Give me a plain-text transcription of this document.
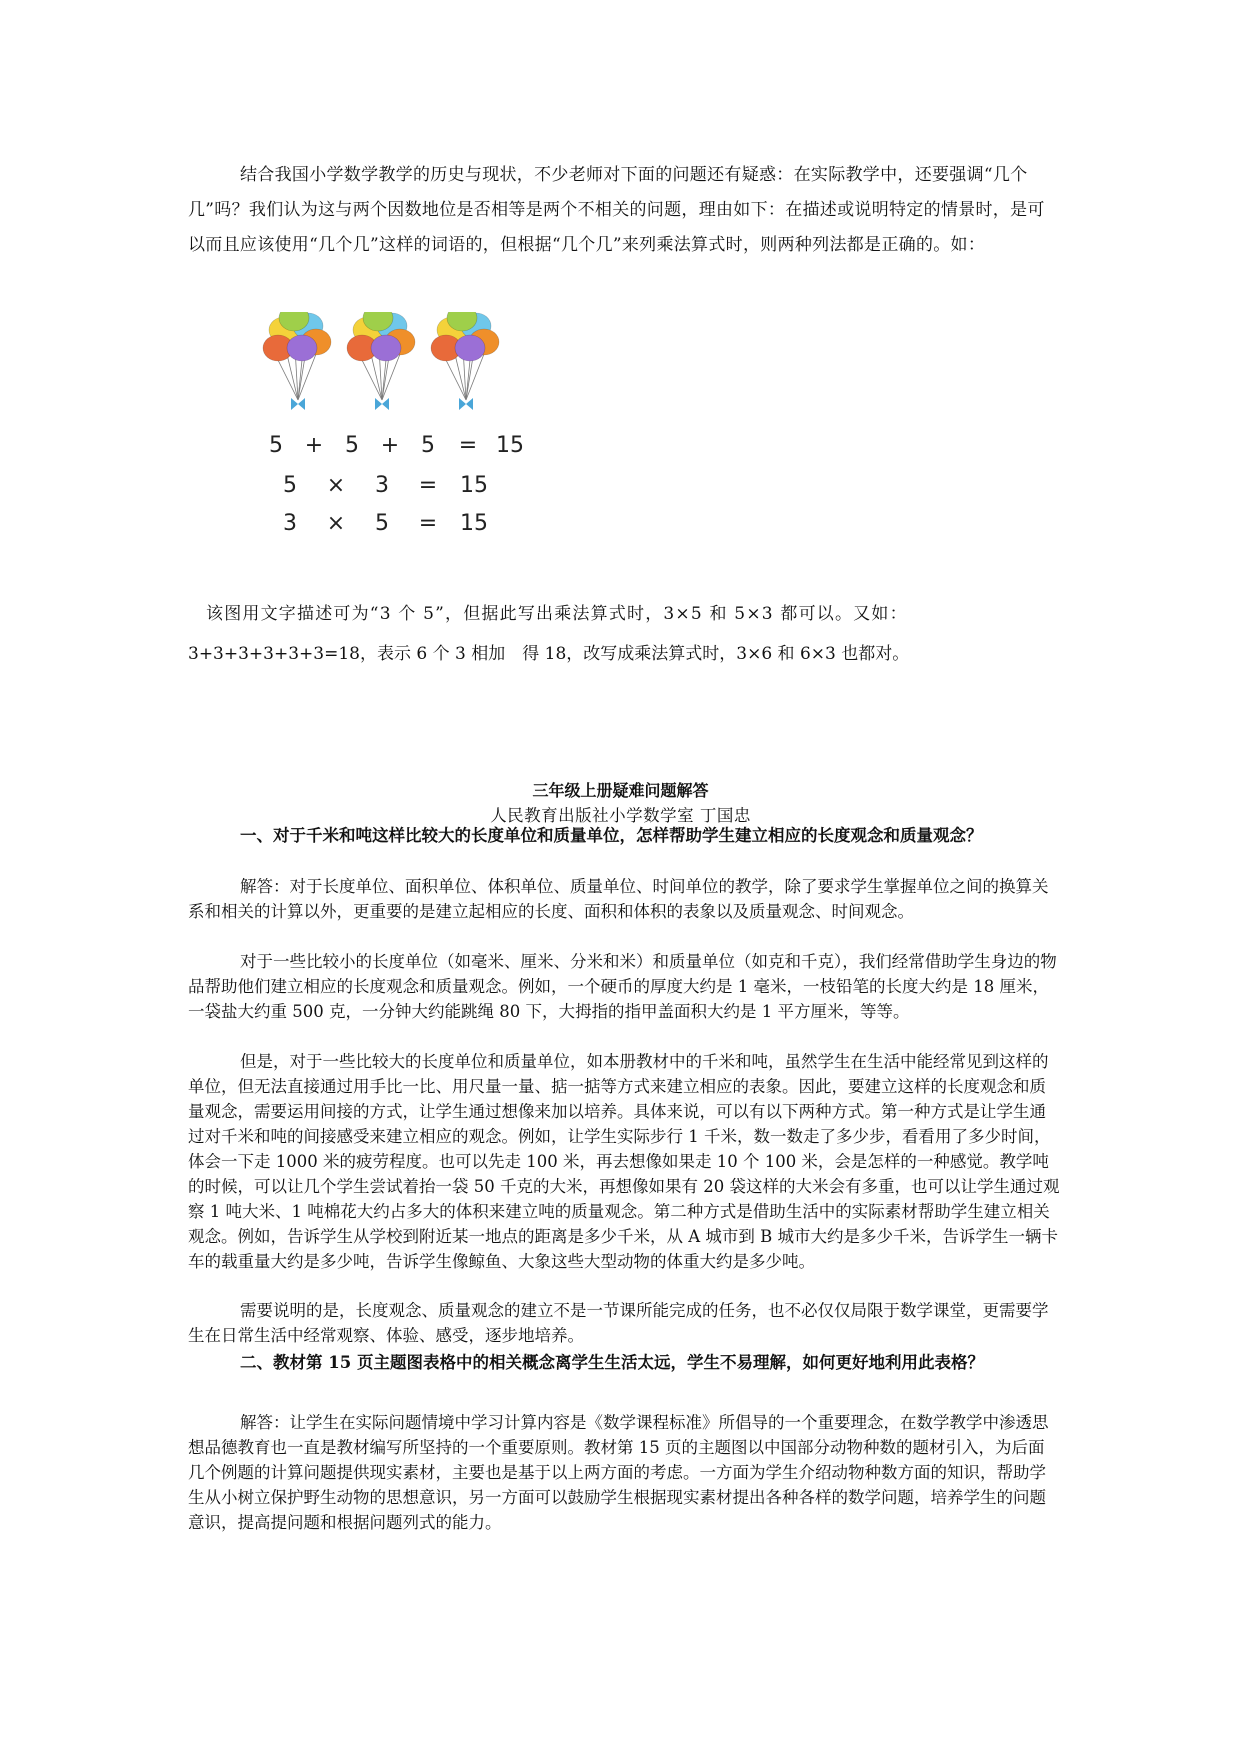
结合我国小学数学教学的历史与现状，不少老师对下面的问题还有疑惑：在实际教学中，还要强调“几个几”吗？我们认为这与两个因数地位是否相等是两个不相关的问题，理由如下：在描述或说明特定的情景时，是可以而且应该使用“几个几”这样的词语的，但根据“几个几”来列乘法算式时，则两种列法都是正确的。如：

5 + 5 + 5 = 15
5 × 3 = 15
3 × 5 = 15

该图用文字描述可为“3 个 5”，但据此写出乘法算式时，3×5 和 5×3 都可以。又如：
3+3+3+3+3+3=18，表示 6 个 3 相加　得 18，改写成乘法算式时，3×6 和 6×3 也都对。

三年级上册疑难问题解答

人民教育出版社小学数学室 丁国忠

一、对于千米和吨这样比较大的长度单位和质量单位，怎样帮助学生建立相应的长度观念和质量观念？

解答：对于长度单位、面积单位、体积单位、质量单位、时间单位的教学，除了要求学生掌握单位之间的换算关系和相关的计算以外，更重要的是建立起相应的长度、面积和体积的表象以及质量观念、时间观念。

对于一些比较小的长度单位（如毫米、厘米、分米和米）和质量单位（如克和千克），我们经常借助学生身边的物品帮助他们建立相应的长度观念和质量观念。例如，一个硬币的厚度大约是 1 毫米，一枝铅笔的长度大约是 18 厘米，一袋盐大约重 500 克，一分钟大约能跳绳 80 下，大拇指的指甲盖面积大约是 1 平方厘米，等等。

但是，对于一些比较大的长度单位和质量单位，如本册教材中的千米和吨，虽然学生在生活中能经常见到这样的单位，但无法直接通过用手比一比、用尺量一量、掂一掂等方式来建立相应的表象。因此，要建立这样的长度观念和质量观念，需要运用间接的方式，让学生通过想像来加以培养。具体来说，可以有以下两种方式。第一种方式是让学生通过对千米和吨的间接感受来建立相应的观念。例如，让学生实际步行 1 千米，数一数走了多少步，看看用了多少时间，体会一下走 1000 米的疲劳程度。也可以先走 100 米，再去想像如果走 10 个 100 米，会是怎样的一种感觉。教学吨的时候，可以让几个学生尝试着抬一袋 50 千克的大米，再想像如果有 20 袋这样的大米会有多重，也可以让学生通过观察 1 吨大米、1 吨棉花大约占多大的体积来建立吨的质量观念。第二种方式是借助生活中的实际素材帮助学生建立相关观念。例如，告诉学生从学校到附近某一地点的距离是多少千米，从 A 城市到 B 城市大约是多少千米，告诉学生一辆卡车的载重量大约是多少吨，告诉学生像鲸鱼、大象这些大型动物的体重大约是多少吨。

需要说明的是，长度观念、质量观念的建立不是一节课所能完成的任务，也不必仅仅局限于数学课堂，更需要学生在日常生活中经常观察、体验、感受，逐步地培养。

二、教材第 15 页主题图表格中的相关概念离学生生活太远，学生不易理解，如何更好地利用此表格？

解答：让学生在实际问题情境中学习计算内容是《数学课程标准》所倡导的一个重要理念，在数学教学中渗透思想品德教育也一直是教材编写所坚持的一个重要原则。教材第 15 页的主题图以中国部分动物种数的题材引入，为后面几个例题的计算问题提供现实素材，主要也是基于以上两方面的考虑。一方面为学生介绍动物种数方面的知识，帮助学生从小树立保护野生动物的思想意识，另一方面可以鼓励学生根据现实素材提出各种各样的数学问题，培养学生的问题意识，提高提问题和根据问题列式的能力。
